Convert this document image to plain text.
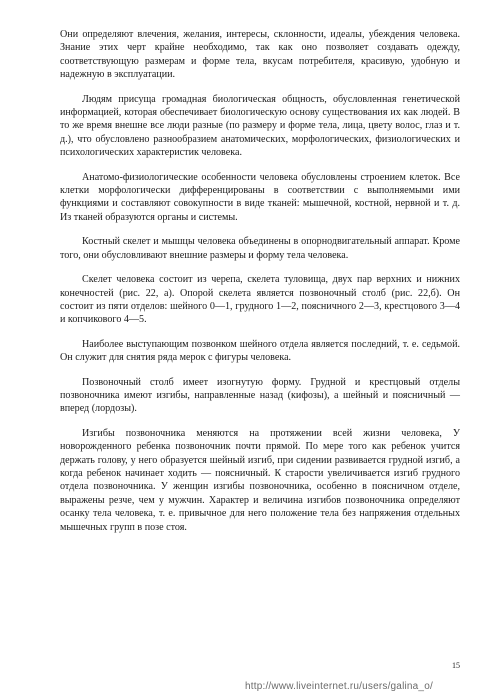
Они определяют влечения, желания, интересы, склонности, идеалы, убеждения человека. Знание этих черт крайне необходимо, так как оно позволяет создавать одежду, соответствующую размерам и форме тела, вкусам потребителя, красивую, удобную и надежную в эксплуатации.

Людям присуща громадная биологическая общность, обусловленная генетической информацией, которая обеспечивает биологическую основу существования их как людей. В то же время внешне все люди разные (по размеру и форме тела, лица, цвету волос, глаз и т. д.), что обусловлено разнообразием анатомических, морфологических, физиологических и психологических характеристик человека.

Анатомо-физиологические особенности человека обусловлены строением клеток. Все клетки морфологически дифференцированы в соответствии с выполняемыми ими функциями и составляют совокупности в виде тканей: мышечной, костной, нервной и т. д. Из тканей образуются органы и системы.

Костный скелет и мышцы человека объединены в опорнодвигательный аппарат. Кроме того, они обусловливают внешние размеры и форму тела человека.

Скелет человека состоит из черепа, скелета туловища, двух пар верхних и нижних конечностей (рис. 22, а). Опорой скелета является позвоночный столб (рис. 22,б). Он состоит из пяти отделов: шейного 0—1, грудного 1—2, поясничного 2—3, крестцового 3—4 и копчикового 4—5.

Наиболее выступающим позвонком шейного отдела является последний, т. е. седьмой. Он служит для снятия ряда мерок с фигуры человека.

Позвоночный столб имеет изогнутую форму. Грудной и крестцовый отделы позвоночника имеют изгибы, направленные назад (кифозы), а шейный и поясничный — вперед (лордозы).

Изгибы позвоночника меняются на протяжении всей жизни человека, У новорожденного ребенка позвоночник почти прямой. По мере того как ребенок учится держать голову, у него образуется шейный изгиб, при сидении развивается грудной изгиб, а когда ребенок начинает ходить — поясничный. К старости увеличивается изгиб грудного отдела позвоночника. У женщин изгибы позвоночника, особенно в поясничном отделе, выражены резче, чем у мужчин. Характер и величина изгибов позвоночника определяют осанку тела человека, т. е. привычное для него положение тела без напряжения отдельных мышечных групп в позе стоя.

15
http://www.liveinternet.ru/users/galina_o/
